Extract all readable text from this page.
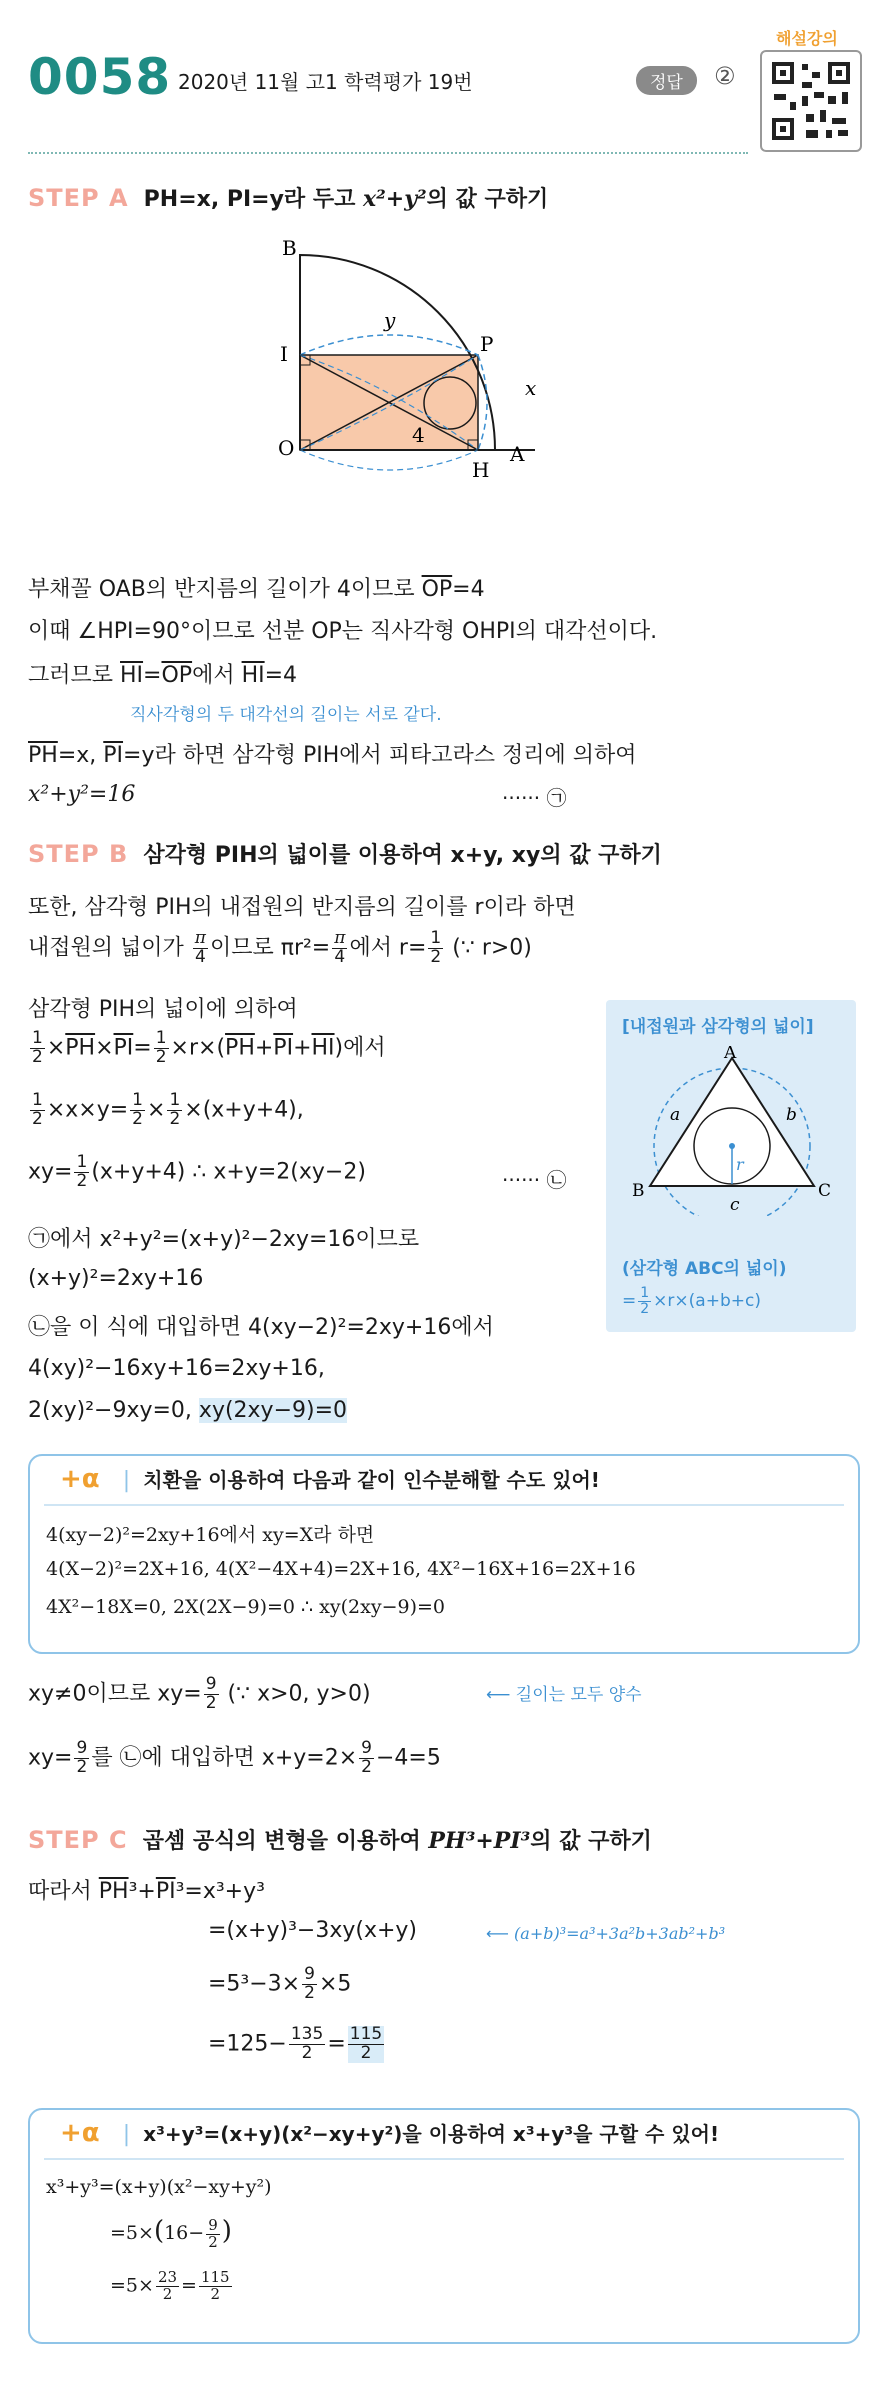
0058 2020년 11월 고1 학력평가 19번	정답	②
해설강의
STEP A PH=x, PI=y라 두고 x²+y²의 값 구하기
B
I
O
P
H
A
x
y
4
부채꼴 OAB의 반지름의 길이가 4이므로 $\overline{OP}=4$
이때 ∠HPI=90°이므로 선분 OP는 직사각형 OHPI의 대각선이다.
그러므로 $\overline{HI}=\overline{OP}$에서 $\overline{HI}=4$
직사각형의 두 대각선의 길이는 서로 같다.
$\overline{PH}=x$, $\overline{PI}=y$라 하면 삼각형 PIH에서 피타고라스 정리에 의하여
x²+y²=16	······ ㉠
STEP B 삼각형 PIH의 넓이를 이용하여 x+y, xy의 값 구하기
또한, 삼각형 PIH의 내접원의 반지름의 길이를 r이라 하면
내접원의 넓이가 $\frac{\pi}{4}$ 이므로 $\pi r^2= \frac{\pi}{4}$ 에서 $r= \frac{1}{2}$ (∵ r>0)
삼각형 PIH의 넓이에 의하여
$\frac{1}{2} \times\overline{PH}\times\overline{PI}= \frac{1}{2} \times r\times(\overline{PH}+\overline{PI}+\overline{HI})$에서
$\frac{1}{2} \times x\times y= \frac{1}{2} \times \frac{1}{2} \times(x+y+4)$,
$xy= \frac{1}{2} (x+y+4)$ ∴ x+y=2(xy−2)	······ ㉡
㉠에서 x²+y²=(x+y)²−2xy=16이므로
(x+y)²=2xy+16
㉡을 이 식에 대입하면 4(xy−2)²=2xy+16에서
4(xy)²−16xy+16=2xy+16,
2(xy)²−9xy=0, xy(2xy−9)=0
[내접원과 삼각형의 넓이]
A
B	C
a	b
c
r
(삼각형 ABC의 넓이)
= $\frac{1}{2} \times r\times(a+b+c)$
+α | 치환을 이용하여 다음과 같이 인수분해할 수도 있어!
4(xy−2)²=2xy+16에서 xy=X라 하면
4(X−2)²=2X+16, 4(X²−4X+4)=2X+16, 4X²−16X+16=2X+16
4X²−18X=0, 2X(2X−9)=0 ∴ xy(2xy−9)=0
xy≠0이므로 $xy= \frac{9}{2}$ (∵ x>0, y>0)	⟵ 길이는 모두 양수
$xy= \frac{9}{2}$ 를 ㉡에 대입하면 $x+y=2\times \frac{9}{2} -4=5$
STEP C 곱셈 공식의 변형을 이용하여 PH³+PI³의 값 구하기
따라서 $\overline{PH}^3+\overline{PI}^3=x^3+y^3$
=(x+y)³−3xy(x+y)	⟵ (a+b)³=a³+3a²b+3ab²+b³
$=5^3-3\times \frac{9}{2} \times 5$
$=125- \frac{135}{2} = \frac{115}{2}$
+α | x³+y³=(x+y)(x²−xy+y²)을 이용하여 x³+y³을 구할 수 있어!
x³+y³=(x+y)(x²−xy+y²)
$=5\times(16- \frac{9}{2}$ )
$=5\times \frac{23}{2} = \frac{115}{2}$
